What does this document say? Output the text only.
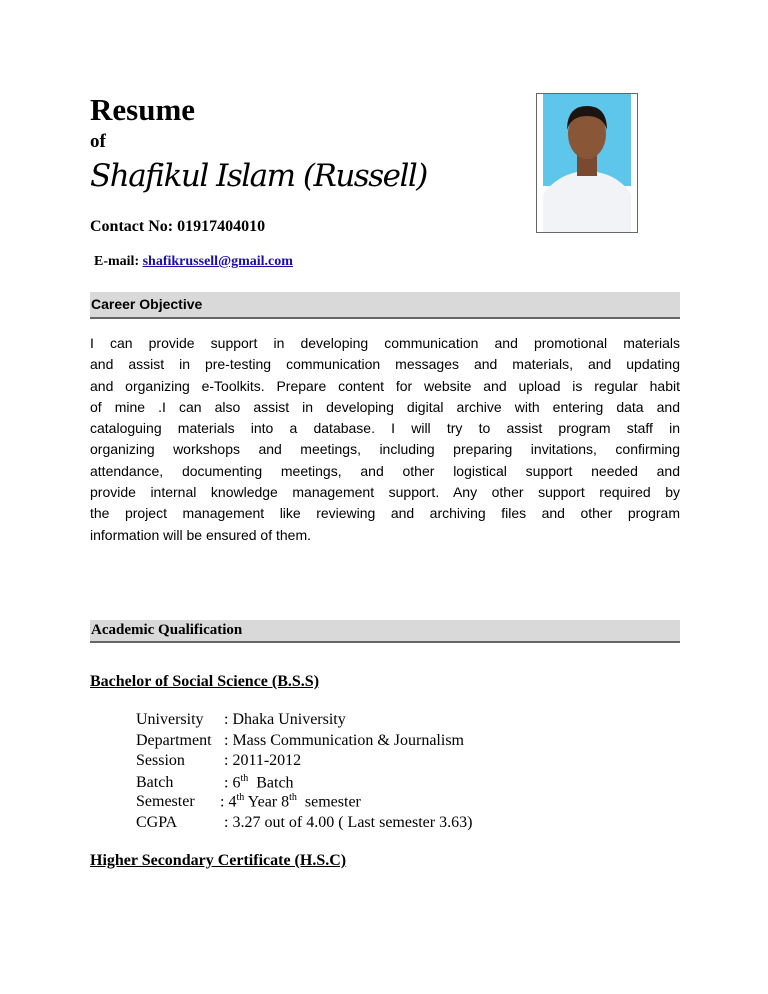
Resume
of
Shafikul Islam (Russell)
Contact No: 01917404010
E-mail: shafikrussell@gmail.com
Career Objective
I can provide support in developing communication and promotional materials
and assist in pre-testing communication messages and materials, and updating
and organizing e-Toolkits. Prepare content for website and upload is regular habit
of mine .I can also assist in developing digital archive with entering data and
cataloguing materials into a database. I will try to assist program staff in
organizing workshops and meetings, including preparing invitations, confirming
attendance, documenting meetings, and other logistical support needed and
provide internal knowledge management support. Any other support required by
the project management like reviewing and archiving files and other program
information will be ensured of them.
Academic Qualification
Bachelor of Social Science (B.S.S)
University : Dhaka University
Department : Mass Communication & Journalism
Session : 2011-2012
Batch	: 6th  Batch
Semester : 4th Year 8th  semester
CGPA	: 3.27 out of 4.00 ( Last semester 3.63)
Higher Secondary Certificate (H.S.C)
